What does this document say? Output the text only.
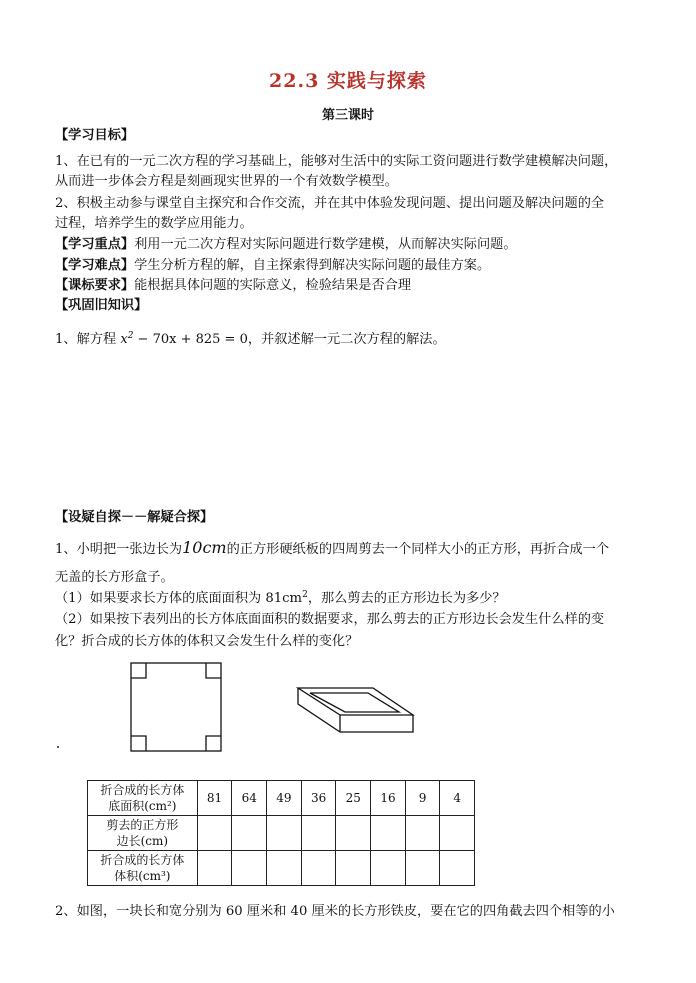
22.3 实践与探索
第三课时
【学习目标】
1、在已有的一元二次方程的学习基础上，能够对生活中的实际工资问题进行数学建模解决问题，
从而进一步体会方程是刻画现实世界的一个有效数学模型。
2、积极主动参与课堂自主探究和合作交流，并在其中体验发现问题、提出问题及解决问题的全
过程，培养学生的数学应用能力。
【学习重点】利用一元二次方程对实际问题进行数学建模，从而解决实际问题。
【学习难点】学生分析方程的解，自主探索得到解决实际问题的最佳方案。
【课标要求】能根据具体问题的实际意义，检验结果是否合理
【巩固旧知识】
1、解方程 $x^2 - 70x + 825 = 0$，并叙述解一元二次方程的解法。
【设疑自探－－解疑合探】
1、小明把一张边长为10cm的正方形硬纸板的四周剪去一个同样大小的正方形，再折合成一个
无盖的长方形盒子。
（1）如果要求长方体的底面面积为 $81cm^2$，那么剪去的正方形边长为多少？
（2）如果按下表列出的长方体底面面积的数据要求，那么剪去的正方形边长会发生什么样的变
化？折合成的长方体的体积又会发生什么样的变化？
折合成的长方体
底面积(cm²)	81	64	49	36	25	16	9	4

剪去的正方形
边长(cm)								

折合成的长方体
体积(cm³)								

2、如图，一块长和宽分别为 60 厘米和 40 厘米的长方形铁皮，要在它的四角截去四个相等的小
